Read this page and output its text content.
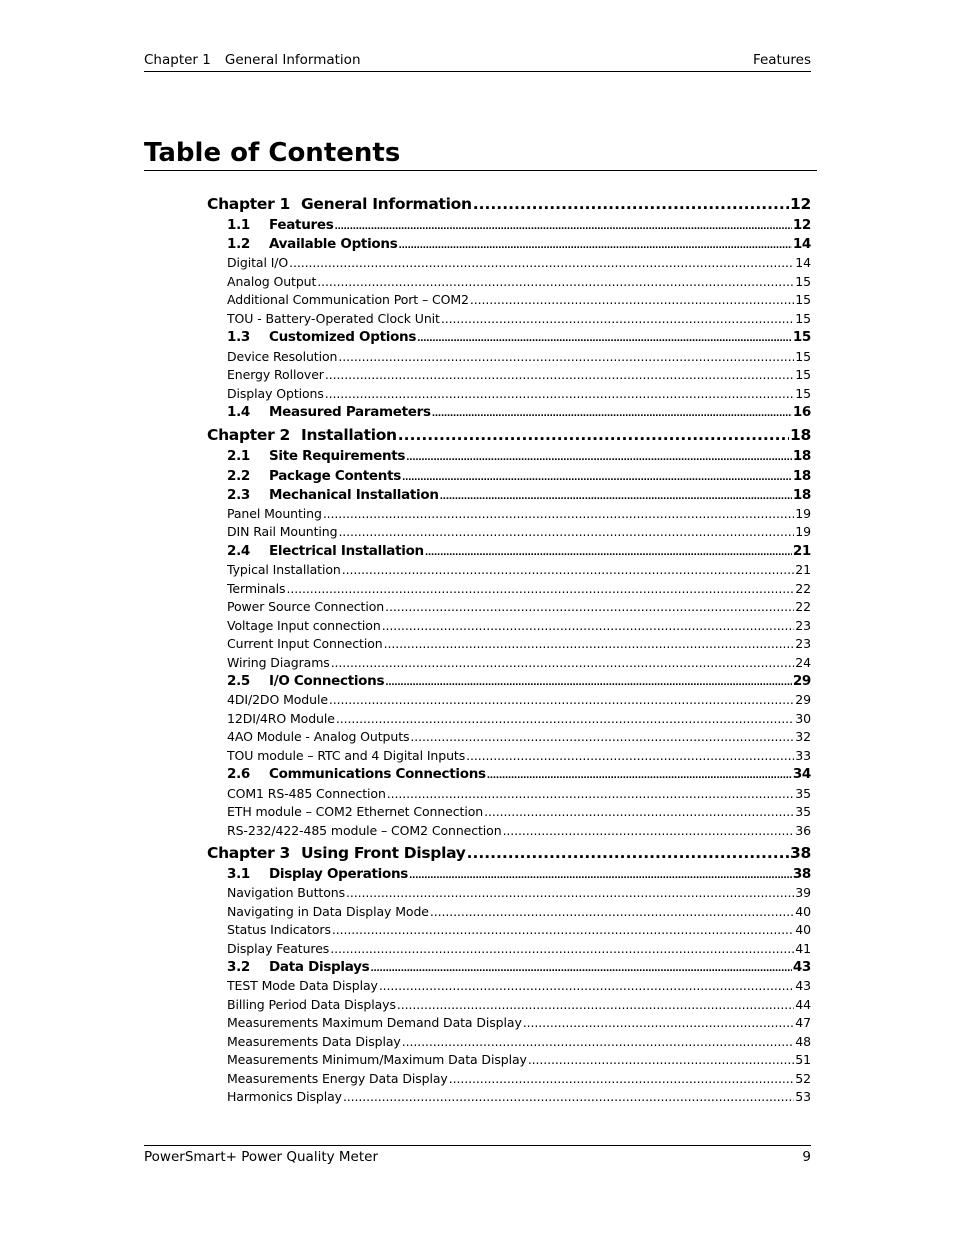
Chapter 1 General Information	Features
Table of Contents
Chapter 1 General Information .....	12
1.1 Features .....	12
1.2 Available Options .....	14
Digital I/O .....	14
Analog Output .....	15
Additional Communication Port – COM2 .....	15
TOU - Battery-Operated Clock Unit .....	15
1.3 Customized Options .....	15
Device Resolution .....	15
Energy Rollover .....	15
Display Options .....	15
1.4 Measured Parameters .....	16
Chapter 2 Installation .....	18
2.1 Site Requirements .....	18
2.2 Package Contents .....	18
2.3 Mechanical Installation .....	18
Panel Mounting .....	19
DIN Rail Mounting .....	19
2.4 Electrical Installation .....	21
Typical Installation .....	21
Terminals .....	22
Power Source Connection .....	22
Voltage Input connection .....	23
Current Input Connection .....	23
Wiring Diagrams .....	24
2.5 I/O Connections .....	29
4DI/2DO Module .....	29
12DI/4RO Module .....	30
4AO Module - Analog Outputs .....	32
TOU module – RTC and 4 Digital Inputs .....	33
2.6 Communications Connections .....	34
COM1 RS-485 Connection .....	35
ETH module – COM2 Ethernet Connection .....	35
RS-232/422-485 module – COM2 Connection .....	36
Chapter 3 Using Front Display .....	38
3.1 Display Operations .....	38
Navigation Buttons .....	39
Navigating in Data Display Mode .....	40
Status Indicators .....	40
Display Features .....	41
3.2 Data Displays .....	43
TEST Mode Data Display .....	43
Billing Period Data Displays .....	44
Measurements Maximum Demand Data Display .....	47
Measurements Data Display .....	48
Measurements Minimum/Maximum Data Display .....	51
Measurements Energy Data Display .....	52
Harmonics Display .....	53
PowerSmart+ Power Quality Meter	9
